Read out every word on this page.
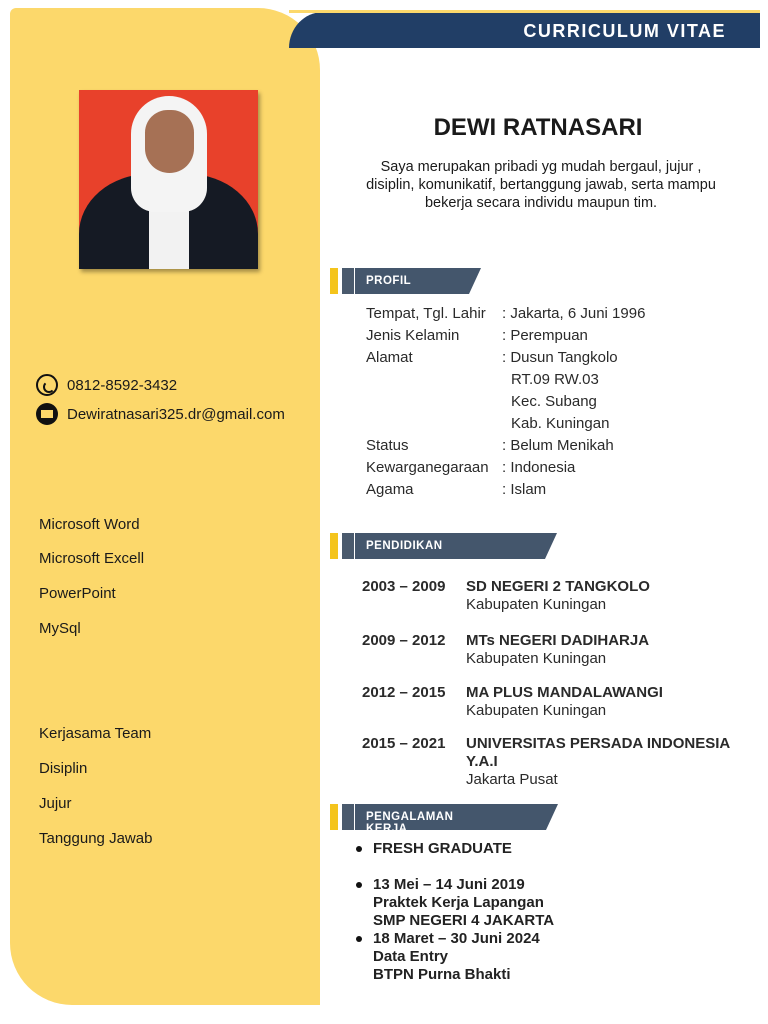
0812-8592-3432
Dewiratnasari325.dr@gmail.com
Microsoft Word
Microsoft Excell
PowerPoint
MySql
Kerjasama Team
Disiplin
Jujur
Tanggung Jawab
CURRICULUM VITAE
DEWI RATNASARI
Saya merupakan pribadi yg mudah bergaul, jujur , disiplin, komunikatif, bertanggung jawab, serta mampu bekerja secara individu maupun tim.
PROFIL
Tempat, Tgl. Lahir : Jakarta, 6 Juni 1996
Jenis Kelamin	: Perempuan
Alamat	: Dusun Tangkolo
RT.09 RW.03
Kec. Subang
Kab. Kuningan
Status	: Belum Menikah
Kewarganegaraan : Indonesia
Agama	: Islam
PENDIDIKAN
2003 – 2009 SD NEGERI 2 TANGKOLO
Kabupaten Kuningan
2009 – 2012 MTs NEGERI DADIHARJA
Kabupaten Kuningan
2012 – 2015 MA PLUS MANDALAWANGI
Kabupaten Kuningan
2015 – 2021 UNIVERSITAS PERSADA INDONESIA Y.A.I
Jakarta Pusat
PENGALAMAN KERJA
FRESH GRADUATE
13 Mei – 14 Juni 2019
Praktek Kerja Lapangan
SMP NEGERI 4 JAKARTA
18 Maret – 30 Juni 2024
Data Entry
BTPN Purna Bhakti
